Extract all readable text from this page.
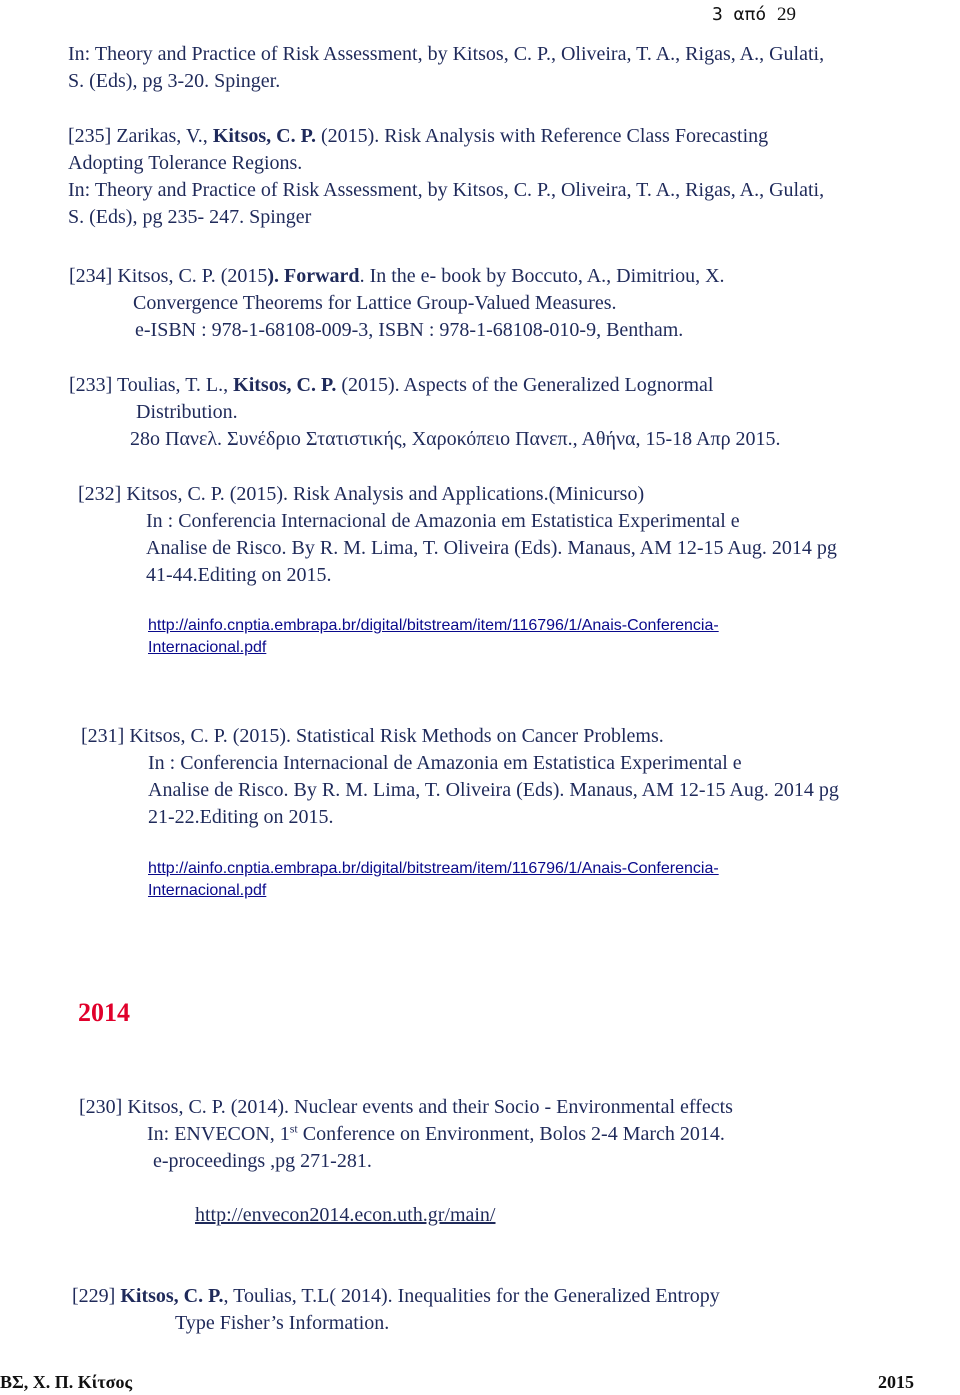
3 από 29
In: Theory and Practice of Risk Assessment, by Kitsos, C. P., Oliveira, T. A., Rigas, A., Gulati,
S. (Eds), pg 3-20. Spinger.
[235] Zarikas, V., Kitsos, C. P. (2015). Risk Analysis with Reference Class Forecasting
Adopting Tolerance Regions.
In: Theory and Practice of Risk Assessment, by Kitsos, C. P., Oliveira, T. A., Rigas, A., Gulati,
S. (Eds), pg 235- 247. Spinger
[234] Kitsos, C. P. (2015). Forward. In the e- book by Boccuto, A., Dimitriou, X.
Convergence Theorems for Lattice Group-Valued Measures.
e-ISBN : 978-1-68108-009-3, ISBN : 978-1-68108-010-9, Bentham.
[233] Toulias, T. L., Kitsos, C. P. (2015). Aspects of the Generalized Lognormal
Distribution.
28ο Πανελ. Συνέδριο Στατιστικής, Χαροκόπειο Πανεπ., Αθήνα, 15-18 Απρ 2015.
[232] Kitsos, C. P. (2015). Risk Analysis and Applications.(Minicurso)
In : Conferencia Internacional de Amazonia em Estatistica Experimental e
Analise de Risco. By R. M. Lima, T. Oliveira (Eds). Manaus, AM 12-15 Aug. 2014 pg
41-44.Editing on 2015.
http://ainfo.cnptia.embrapa.br/digital/bitstream/item/116796/1/Anais-Conferencia-
Internacional.pdf
[231] Kitsos, C. P. (2015). Statistical Risk Methods on Cancer Problems.
In : Conferencia Internacional de Amazonia em Estatistica Experimental e
Analise de Risco. By R. M. Lima, T. Oliveira (Eds). Manaus, AM 12-15 Aug. 2014 pg
21-22.Editing on 2015.
http://ainfo.cnptia.embrapa.br/digital/bitstream/item/116796/1/Anais-Conferencia-
Internacional.pdf
2014
[230] Kitsos, C. P. (2014). Nuclear events and their Socio - Environmental effects
In: ENVECON, 1st Conference on Environment, Bolos 2-4 March 2014.
e-proceedings ,pg 271-281.
http://envecon2014.econ.uth.gr/main/
[229] Kitsos, C. P., Toulias, T.L( 2014). Inequalities for the Generalized Entropy
Type Fisher’s Information.
ΒΣ, Χ. Π. Κίτσος	2015
